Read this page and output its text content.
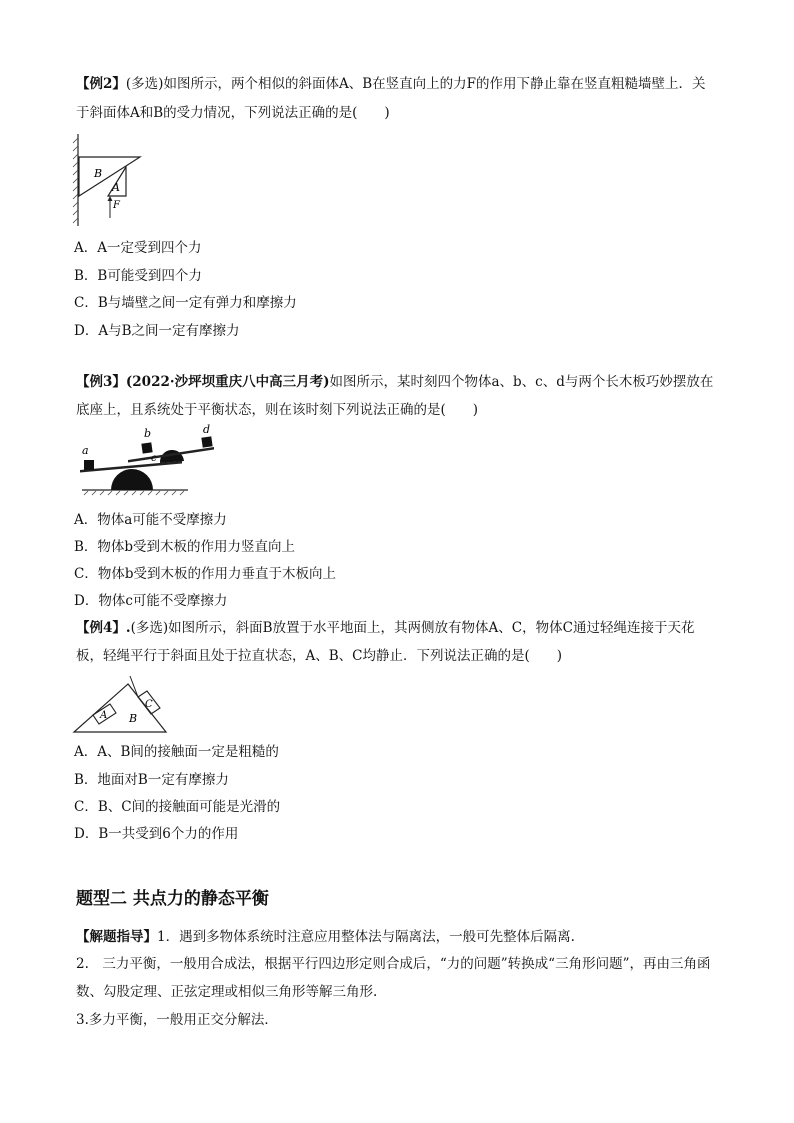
【例2】(多选)如图所示，两个相似的斜面体A、B在竖直向上的力F的作用下静止靠在竖直粗糙墙壁上．关
于斜面体A和B的受力情况，下列说法正确的是(　　)
B
A
F
A．A一定受到四个力
B．B可能受到四个力
C．B与墙壁之间一定有弹力和摩擦力
D．A与B之间一定有摩擦力
【例3】(2022·沙坪坝重庆八中高三月考)如图所示，某时刻四个物体a、b、c、d与两个长木板巧妙摆放在
底座上，且系统处于平衡状态，则在该时刻下列说法正确的是(　　)
a
b
c
d
A．物体a可能不受摩擦力
B．物体b受到木板的作用力竖直向上
C．物体b受到木板的作用力垂直于木板向上
D．物体c可能不受摩擦力
【例4】.(多选)如图所示，斜面B放置于水平地面上，其两侧放有物体A、C，物体C通过轻绳连接于天花
板，轻绳平行于斜面且处于拉直状态，A、B、C均静止．下列说法正确的是(　　)
A B
C
A．A、B间的接触面一定是粗糙的
B．地面对B一定有摩擦力
C．B、C间的接触面可能是光滑的
D．B一共受到6个力的作用
题型二 共点力的静态平衡
【解题指导】1．遇到多物体系统时注意应用整体法与隔离法，一般可先整体后隔离.
2.　三力平衡，一般用合成法，根据平行四边形定则合成后，“力的问题”转换成“三角形问题”，再由三角函
数、勾股定理、正弦定理或相似三角形等解三角形.
3.多力平衡，一般用正交分解法．
